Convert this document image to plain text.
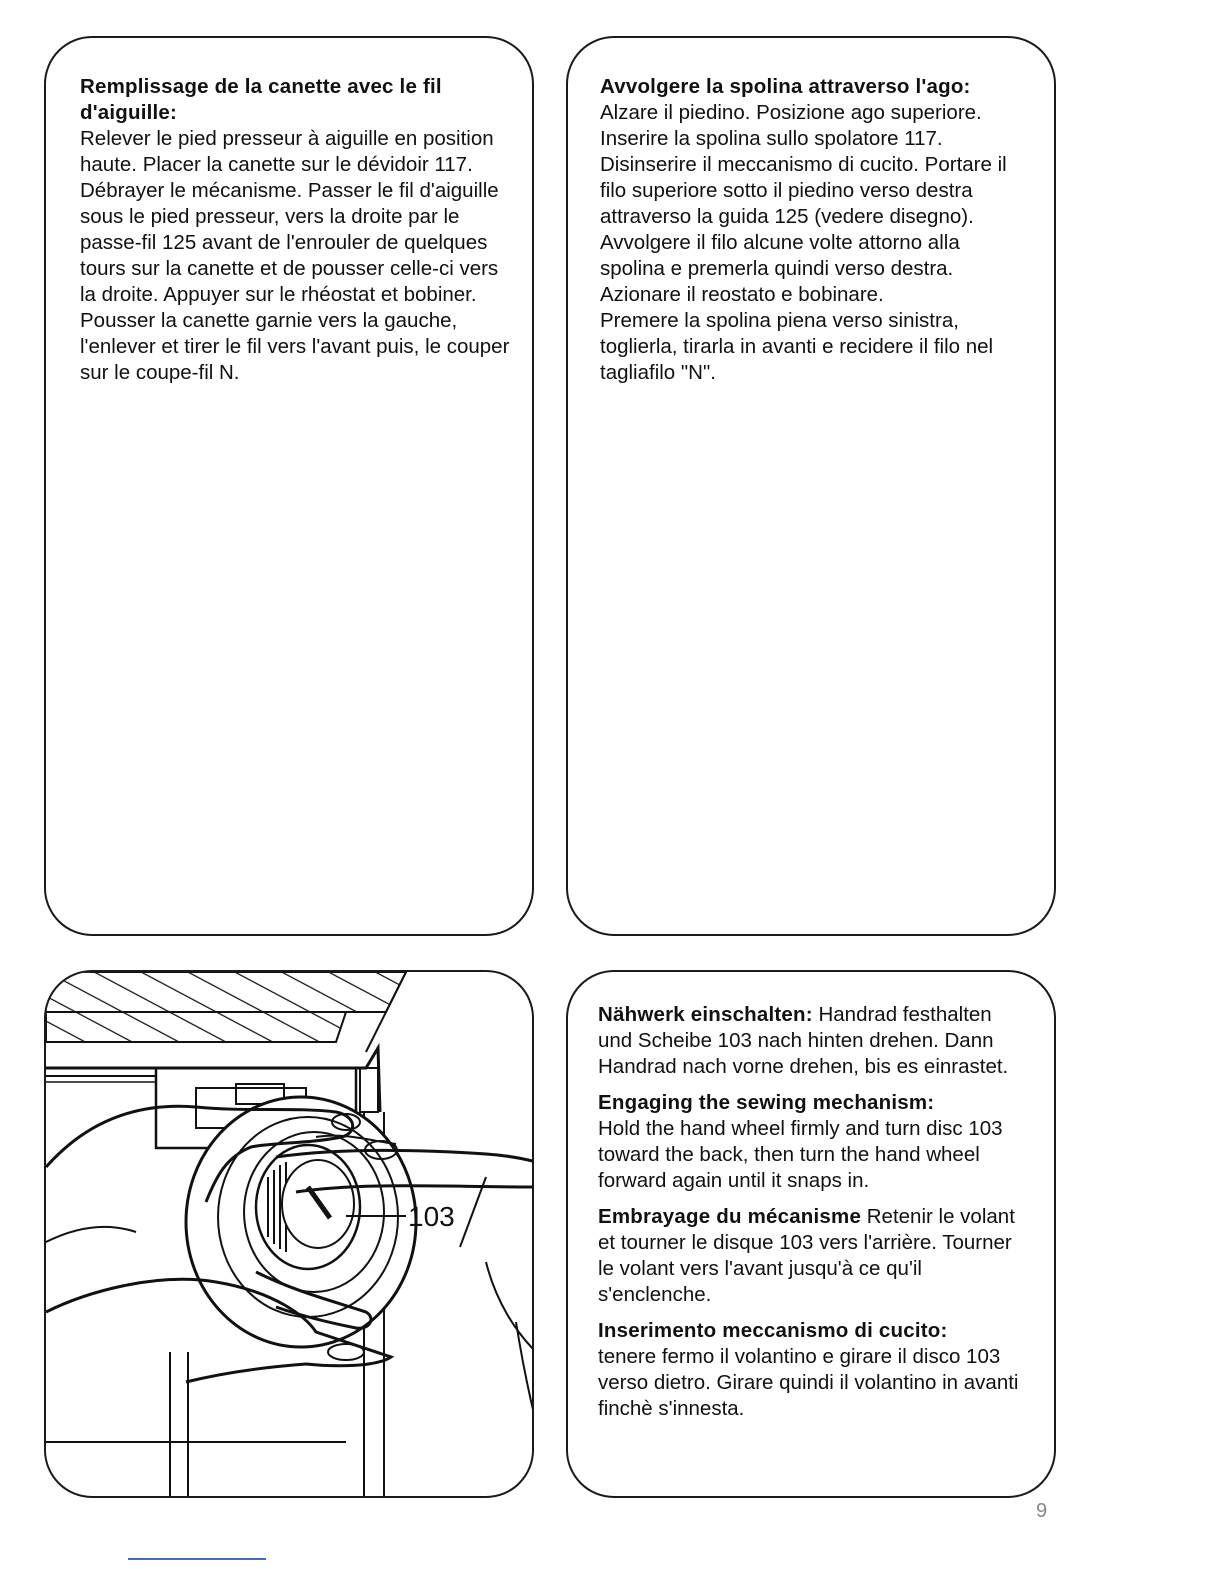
Remplissage de la canette avec le fil d'aiguille:
Relever le pied presseur à aiguille en position haute. Placer la canette sur le dévidoir 117. Débrayer le mécanisme. Passer le fil d'aiguille sous le pied presseur, vers la droite par le passe-fil 125 avant de l'enrouler de quelques tours sur la canette et de pousser celle-ci vers la droite. Appuyer sur le rhéostat et bobiner. Pousser la canette garnie vers la gauche, l'enlever et tirer le fil vers l'avant puis, le couper sur le coupe-fil N.
Avvolgere la spolina attraverso l'ago:
Alzare il piedino. Posizione ago superiore. Inserire la spolina sullo spolatore 117. Disinserire il meccanismo di cucito. Portare il filo superiore sotto il piedino verso destra attraverso la guida 125 (vedere disegno). Avvolgere il filo alcune volte attorno alla spolina e premerla quindi verso destra. Azionare il reostato e bobinare.
Premere la spolina piena verso sinistra, toglierla, tirarla in avanti e recidere il filo nel tagliafilo "N".
103
Nähwerk einschalten: Handrad festhalten und Scheibe 103 nach hinten drehen. Dann Handrad nach vorne drehen, bis es einrastet.
Engaging the sewing mechanism:
Hold the hand wheel firmly and turn disc 103 toward the back, then turn the hand wheel forward again until it snaps in.
Embrayage du mécanisme Retenir le volant et tourner le disque 103 vers l'arrière. Tourner le volant vers l'avant jusqu'à ce qu'il s'enclenche.
Inserimento meccanismo di cucito:
tenere fermo il volantino e girare il disco 103 verso dietro. Girare quindi il volantino in avanti finchè s'innesta.
9
